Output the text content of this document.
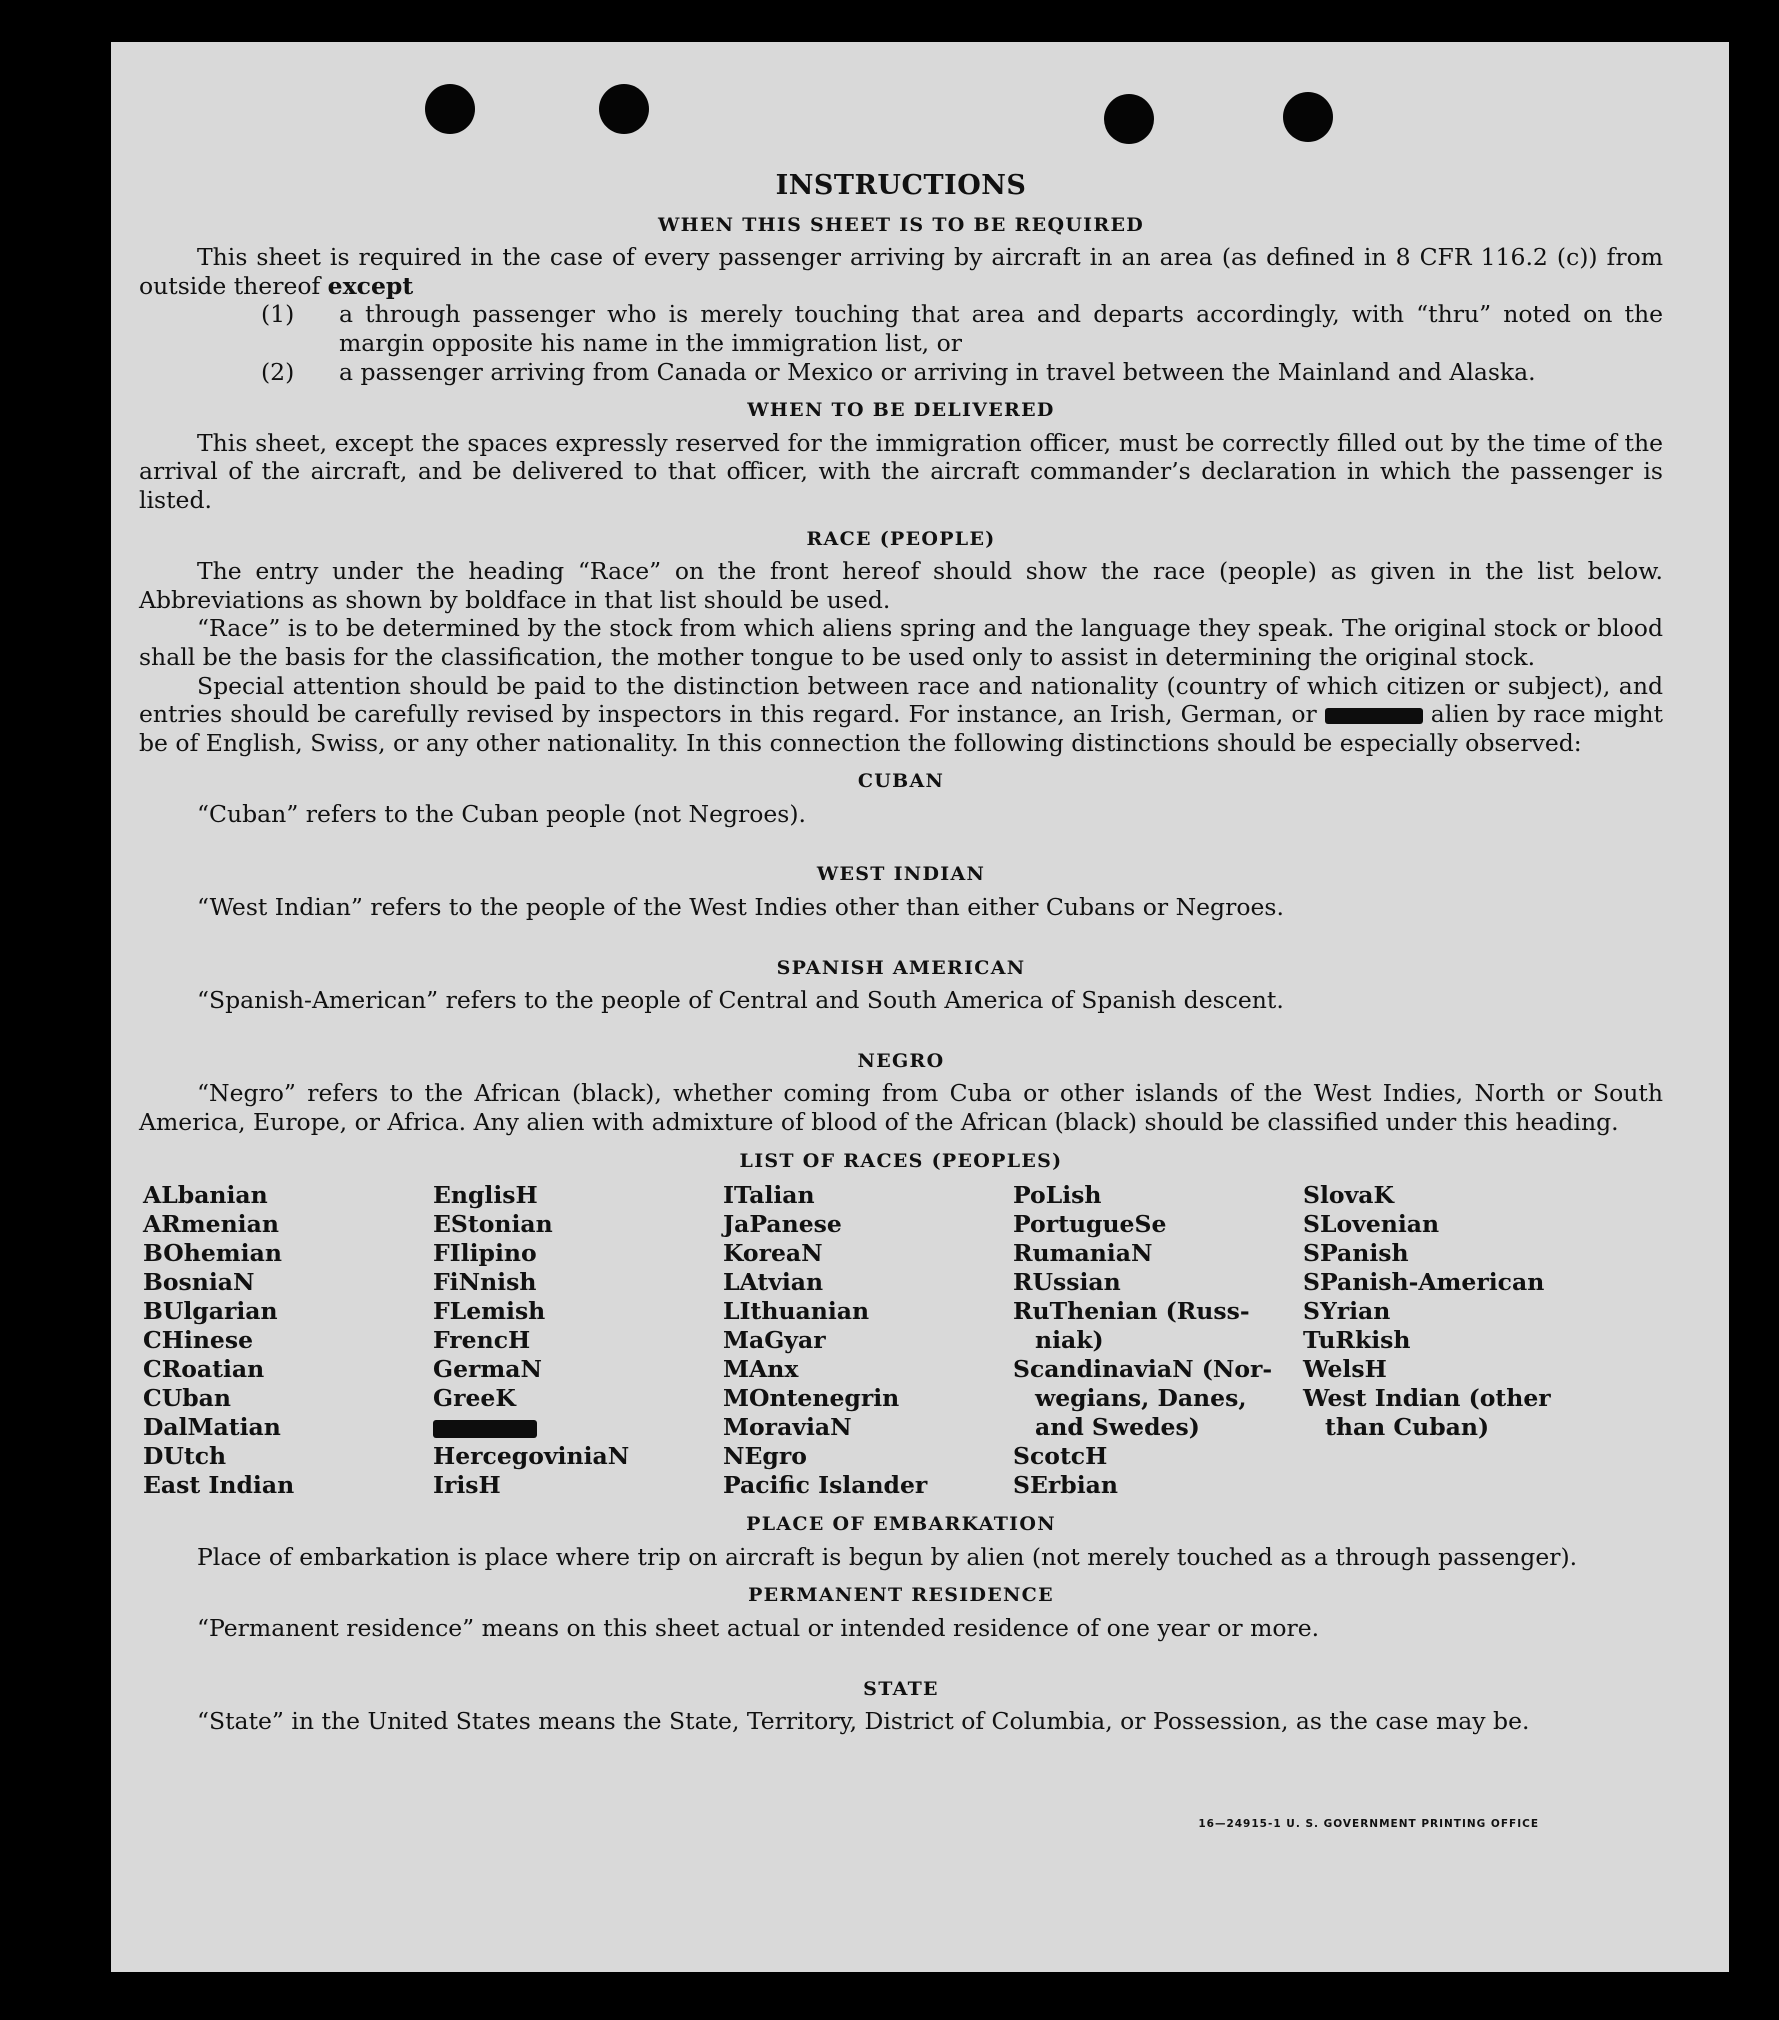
INSTRUCTIONS
WHEN THIS SHEET IS TO BE REQUIRED

This sheet is required in the case of every passenger arriving by aircraft in an area (as defined in 8 CFR 116.2 (c)) from outside thereof except

(1) a through passenger who is merely touching that area and departs accordingly, with “thru” noted on the margin opposite his name in the immigration list, or
(2) a passenger arriving from Canada or Mexico or arriving in travel between the Mainland and Alaska.
WHEN TO BE DELIVERED

This sheet, except the spaces expressly reserved for the immigration officer, must be correctly filled out by the time of the arrival of the aircraft, and be delivered to that officer, with the aircraft commander’s declaration in which the passenger is listed.

RACE (PEOPLE)

The entry under the heading “Race” on the front hereof should show the race (people) as given in the list below. Abbreviations as shown by boldface in that list should be used.

“Race” is to be determined by the stock from which aliens spring and the language they speak. The original stock or blood shall be the basis for the classification, the mother tongue to be used only to assist in determining the original stock.

Special attention should be paid to the distinction between race and nationality (country of which citizen or subject), and entries should be carefully revised by inspectors in this regard. For instance, an Irish, German, or	alien by race might be of English, Swiss, or any other nationality. In this connection the following distinctions should be especially observed:

CUBAN
“Cuban” refers to the Cuban people (not Negroes).
WEST INDIAN
“West Indian” refers to the people of the West Indies other than either Cubans or Negroes.
SPANISH AMERICAN
“Spanish-American” refers to the people of Central and South America of Spanish descent.
NEGRO

“Negro” refers to the African (black), whether coming from Cuba or other islands of the West Indies, North or South America, Europe, or Africa. Any alien with admixture of blood of the African (black) should be classified under this heading.

LIST OF RACES (PEOPLES)
ALbanian
ARmenian
BOhemian
BosniaN
BUlgarian
CHinese
CRoatian
CUban
DalMatian
DUtch
East Indian
EnglisH
EStonian
FIlipino
FiNnish
FLemish
FrencH
GermaN
GreeK
HercegoviniaN
IrisH
ITalian
JaPanese
KoreaN
LAtvian
LIthuanian
MaGyar
MAnx
MOntenegrin
MoraviaN
NEgro
Pacific Islander
PoLish
PortugueSe
RumaniaN
RUssian
RuThenian (Russ-
niak)
ScandinaviaN (Nor-
wegians, Danes,
and Swedes)
ScotcH
SErbian
SlovaK
SLovenian
SPanish
SPanish-American
SYrian
TuRkish
WelsH
West Indian (other
than Cuban)
PLACE OF EMBARKATION

Place of embarkation is place where trip on aircraft is begun by alien (not merely touched as a through passenger).

PERMANENT RESIDENCE
“Permanent residence” means on this sheet actual or intended residence of one year or more.
STATE

“State” in the United States means the State, Territory, District of Columbia, or Possession, as the case may be.

16—24915-1 U. S. GOVERNMENT PRINTING OFFICE
